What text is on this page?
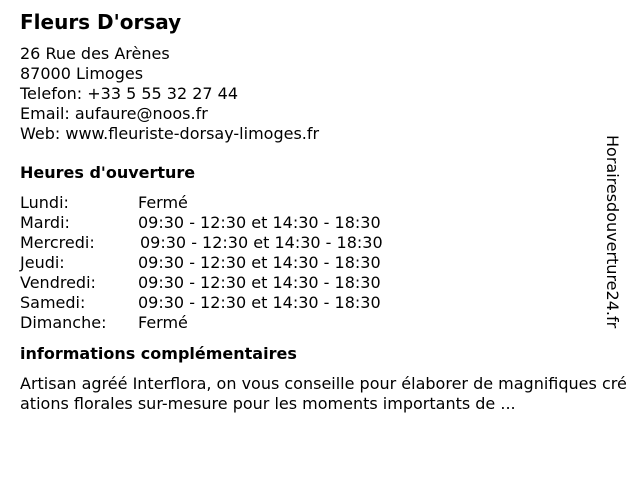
Fleurs D'orsay
26 Rue des Arènes
87000 Limoges
Telefon: +33 5 55 32 27 44
Email: aufaure@noos.fr
Web: www.fleuriste-dorsay-limoges.fr
Heures d'ouverture
Lundi:	Fermé
Mardi:	09:30 - 12:30 et 14:30 - 18:30
Mercredi:	09:30 - 12:30 et 14:30 - 18:30
Jeudi:	09:30 - 12:30 et 14:30 - 18:30
Vendredi:	09:30 - 12:30 et 14:30 - 18:30
Samedi:	09:30 - 12:30 et 14:30 - 18:30
Dimanche: Fermé
informations complémentaires
Artisan agréé Interflora, on vous conseille pour élaborer de magnifiques créations florales sur-mesure pour les moments importants de ...
Horairesdouverture24.fr
